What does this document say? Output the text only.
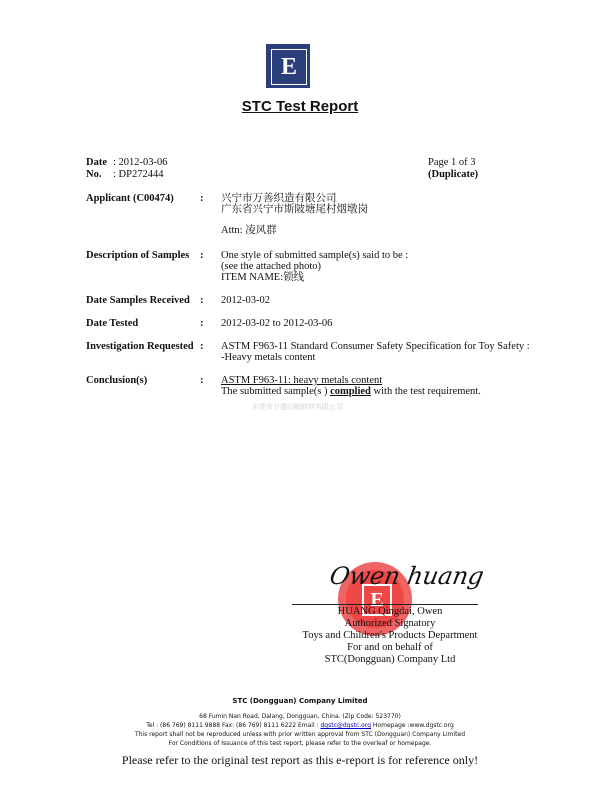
E
STC Test Report
Date : 2012-03-06
No. : DP272444
Page 1 of 3
(Duplicate)
Applicant (C00474) : 兴宁市万善织造有限公司
广东省兴宁市斯陂塘尾村烟墩岗
Attn: 凌风群
Description of Samples : One style of submitted sample(s) said to be :
(see the attached photo)
ITEM NAME:锁线
Date Samples Received : 2012-03-02
Date Tested	: 2012-03-02 to 2012-03-06
Investigation Requested : ASTM F963-11 Standard Consumer Safety Specification for Toy Safety :
-Heavy metals content
Conclusion(s)	: ASTM F963-11: heavy metals content
The submitted sample(s ) complied with the test requirement.
东莞市万盛印刷材料有限公司
E
Owen huang
HUANG Qingdai, Owen
Authorized Signatory
Toys and Children's Products Department
For and on behalf of
STC(Dongguan) Company Ltd
STC (Dongguan) Company Limited
68 Fumin Nan Road, Dalang, Dongguan, China. (Zip Code: 523770)
Tel : (86 769) 8111 9888 Fax: (86 769) 8111 6222 Email : dgstc@dgstc.org Homepage :www.dgstc.org
This report shall not be reproduced unless with prior written approval from STC (Dongguan) Company Limited
For Conditions of Issuance of this test report, please refer to the overleaf or homepage.
Please refer to the original test report as this e-report is for reference only!
